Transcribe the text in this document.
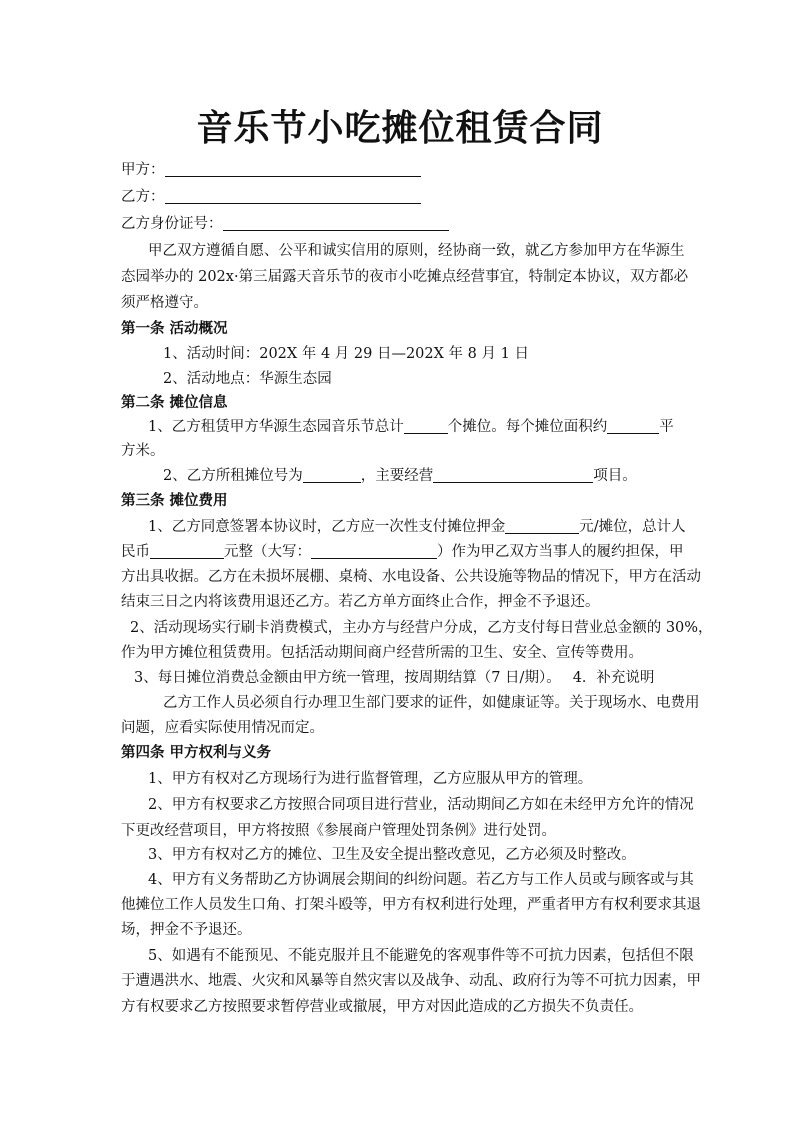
音乐节小吃摊位租赁合同
甲方：
乙方：
乙方身份证号：
甲乙双方遵循自愿、公平和诚实信用的原则，经协商一致，就乙方参加甲方在华源生
态园举办的 202x·第三届露天音乐节的夜市小吃摊点经营事宜，特制定本协议，双方都必
须严格遵守。
第一条 活动概况
1、活动时间：202X 年 4 月 29 日—202X 年 8 月 1 日
2、活动地点：华源生态园
第二条 摊位信息
1、乙方租赁甲方华源生态园音乐节总计	个摊位。每个摊位面积约	平
方米。
2、乙方所租摊位号为	，主要经营	项目。
第三条 摊位费用
1、乙方同意签署本协议时，乙方应一次性支付摊位押金	元/摊位，总计人
民币	元整（大写：	）作为甲乙双方当事人的履约担保，甲
方出具收据。乙方在未损坏展棚、桌椅、水电设备、公共设施等物品的情况下，甲方在活动
结束三日之内将该费用退还乙方。若乙方单方面终止合作，押金不予退还。
2、活动现场实行刷卡消费模式，主办方与经营户分成，乙方支付每日营业总金额的 30%，
作为甲方摊位租赁费用。包括活动期间商户经营所需的卫生、安全、宣传等费用。
3、每日摊位消费总金额由甲方统一管理，按周期结算（7 日/期）。 4．补充说明
乙方工作人员必须自行办理卫生部门要求的证件，如健康证等。关于现场水、电费用
问题，应看实际使用情况而定。
第四条 甲方权利与义务
1、甲方有权对乙方现场行为进行监督管理，乙方应服从甲方的管理。
2、甲方有权要求乙方按照合同项目进行营业，活动期间乙方如在未经甲方允许的情况
下更改经营项目，甲方将按照《参展商户管理处罚条例》进行处罚。
3、甲方有权对乙方的摊位、卫生及安全提出整改意见，乙方必须及时整改。
4、甲方有义务帮助乙方协调展会期间的纠纷问题。若乙方与工作人员或与顾客或与其
他摊位工作人员发生口角、打架斗殴等，甲方有权利进行处理，严重者甲方有权利要求其退
场，押金不予退还。
5、如遇有不能预见、不能克服并且不能避免的客观事件等不可抗力因素，包括但不限
于遭遇洪水、地震、火灾和风暴等自然灾害以及战争、动乱、政府行为等不可抗力因素，甲
方有权要求乙方按照要求暂停营业或撤展，甲方对因此造成的乙方损失不负责任。
